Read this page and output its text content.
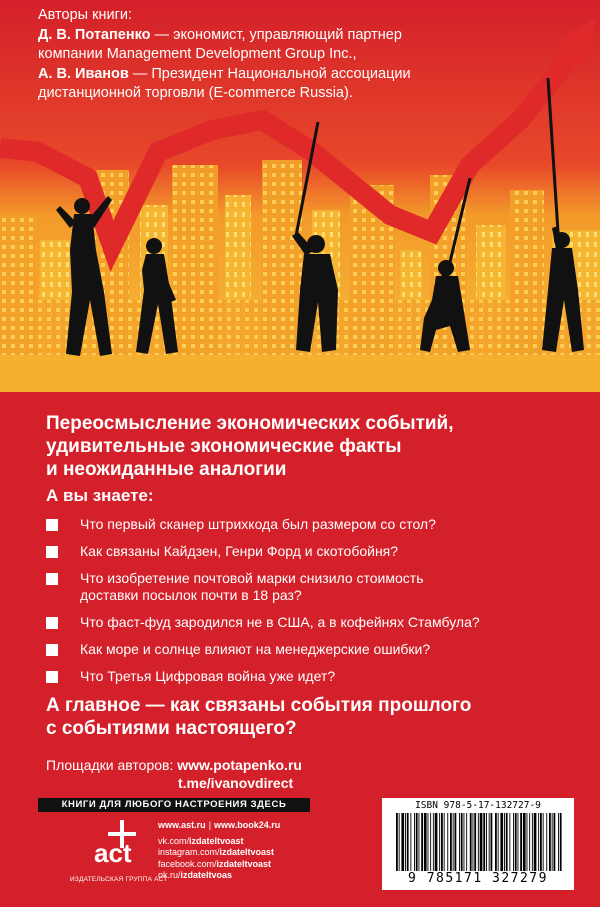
Авторы книги:
Д. В. Потапенко — экономист, управляющий партнер
компании Management Development Group Inc.,
А. В. Иванов — Президент Национальной ассоциации
дистанционной торговли (E-commerce Russia).
Переосмысление экономических событий,
удивительные экономические факты
и неожиданные аналогии
А вы знаете:
Что первый сканер штрихкода был размером со стол?
Как связаны Кайдзен, Генри Форд и скотобойня?
Что изобретение почтовой марки снизило стоимость
доставки посылок почти в 18 раз?
Что фаст-фуд зародился не в США, а в кофейнях Стамбула?
Как море и солнце влияют на менеджерские ошибки?
Что Третья Цифровая война уже идет?
А главное — как связаны события прошлого
с событиями настоящего?
Площадки авторов: www.potapenko.ru
t.me/ivanovdirect
КНИГИ ДЛЯ ЛЮБОГО НАСТРОЕНИЯ ЗДЕСЬ
act
ИЗДАТЕЛЬСКАЯ ГРУППА АСТ
www.ast.ru | www.book24.ru
vk.com/izdateltvoast
instagram.com/izdateltvoast
facebook.com/izdateltvoast
ok.ru/izdateltvoas
ISBN 978-5-17-132727-9
9 785171 327279
